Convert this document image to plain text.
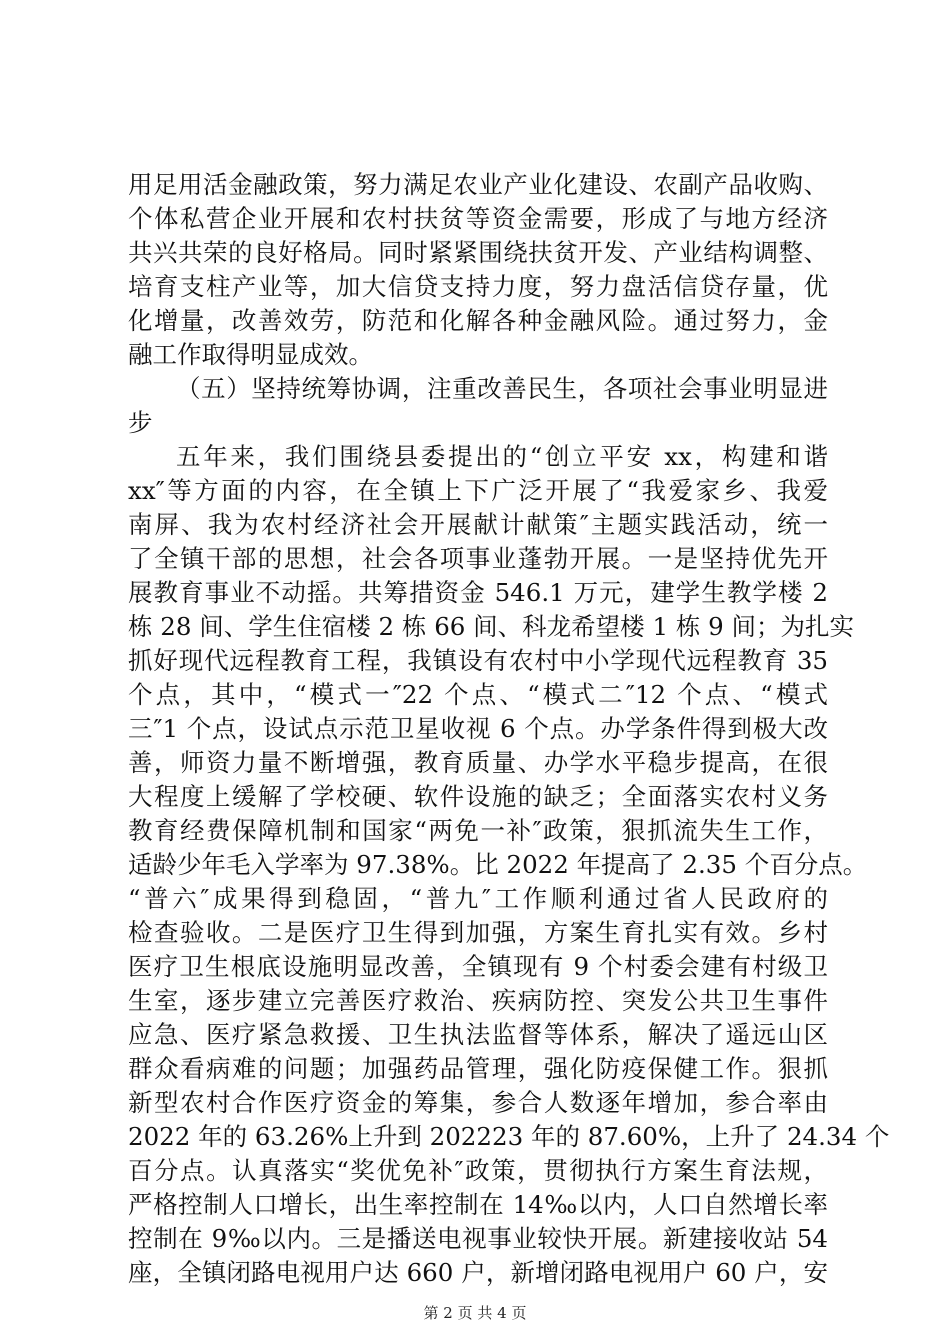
用足用活金融政策，努力满足农业产业化建设、农副产品收购、
个体私营企业开展和农村扶贫等资金需要，形成了与地方经济
共兴共荣的良好格局。同时紧紧围绕扶贫开发、产业结构调整、
培育支柱产业等，加大信贷支持力度，努力盘活信贷存量，优
化增量，改善效劳，防范和化解各种金融风险。通过努力，金
融工作取得明显成效。
（五）坚持统筹协调，注重改善民生，各项社会事业明显进
步
五年来，我们围绕县委提出的“创立平安 xx，构建和谐
xx″等方面的内容，在全镇上下广泛开展了“我爱家乡、我爱
南屏、我为农村经济社会开展献计献策″主题实践活动，统一
了全镇干部的思想，社会各项事业蓬勃开展。一是坚持优先开
展教育事业不动摇。共筹措资金 546.1 万元，建学生教学楼 2
栋 28 间、学生住宿楼 2 栋 66 间、科龙希望楼 1 栋 9 间；为扎实
抓好现代远程教育工程，我镇设有农村中小学现代远程教育 35
个点，其中，“模式一″22 个点、“模式二″12 个点、“模式
三″1 个点，设试点示范卫星收视 6 个点。办学条件得到极大改
善，师资力量不断增强，教育质量、办学水平稳步提高，在很
大程度上缓解了学校硬、软件设施的缺乏；全面落实农村义务
教育经费保障机制和国家“两免一补″政策，狠抓流失生工作，
适龄少年毛入学率为 97.38%。比 2022 年提高了 2.35 个百分点。
“普六″成果得到稳固，“普九″工作顺利通过省人民政府的
检查验收。二是医疗卫生得到加强，方案生育扎实有效。乡村
医疗卫生根底设施明显改善，全镇现有 9 个村委会建有村级卫
生室，逐步建立完善医疗救治、疾病防控、突发公共卫生事件
应急、医疗紧急救援、卫生执法监督等体系，解决了遥远山区
群众看病难的问题；加强药品管理，强化防疫保健工作。狠抓
新型农村合作医疗资金的筹集，参合人数逐年增加，参合率由
2022 年的 63.26%上升到 202223 年的 87.60%，上升了 24.34 个
百分点。认真落实“奖优免补″政策，贯彻执行方案生育法规，
严格控制人口增长，出生率控制在 14‰以内，人口自然增长率
控制在 9‰以内。三是播送电视事业较快开展。新建接收站 54
座，全镇闭路电视用户达 660 户，新增闭路电视用户 60 户，安
第 2 页 共 4 页
